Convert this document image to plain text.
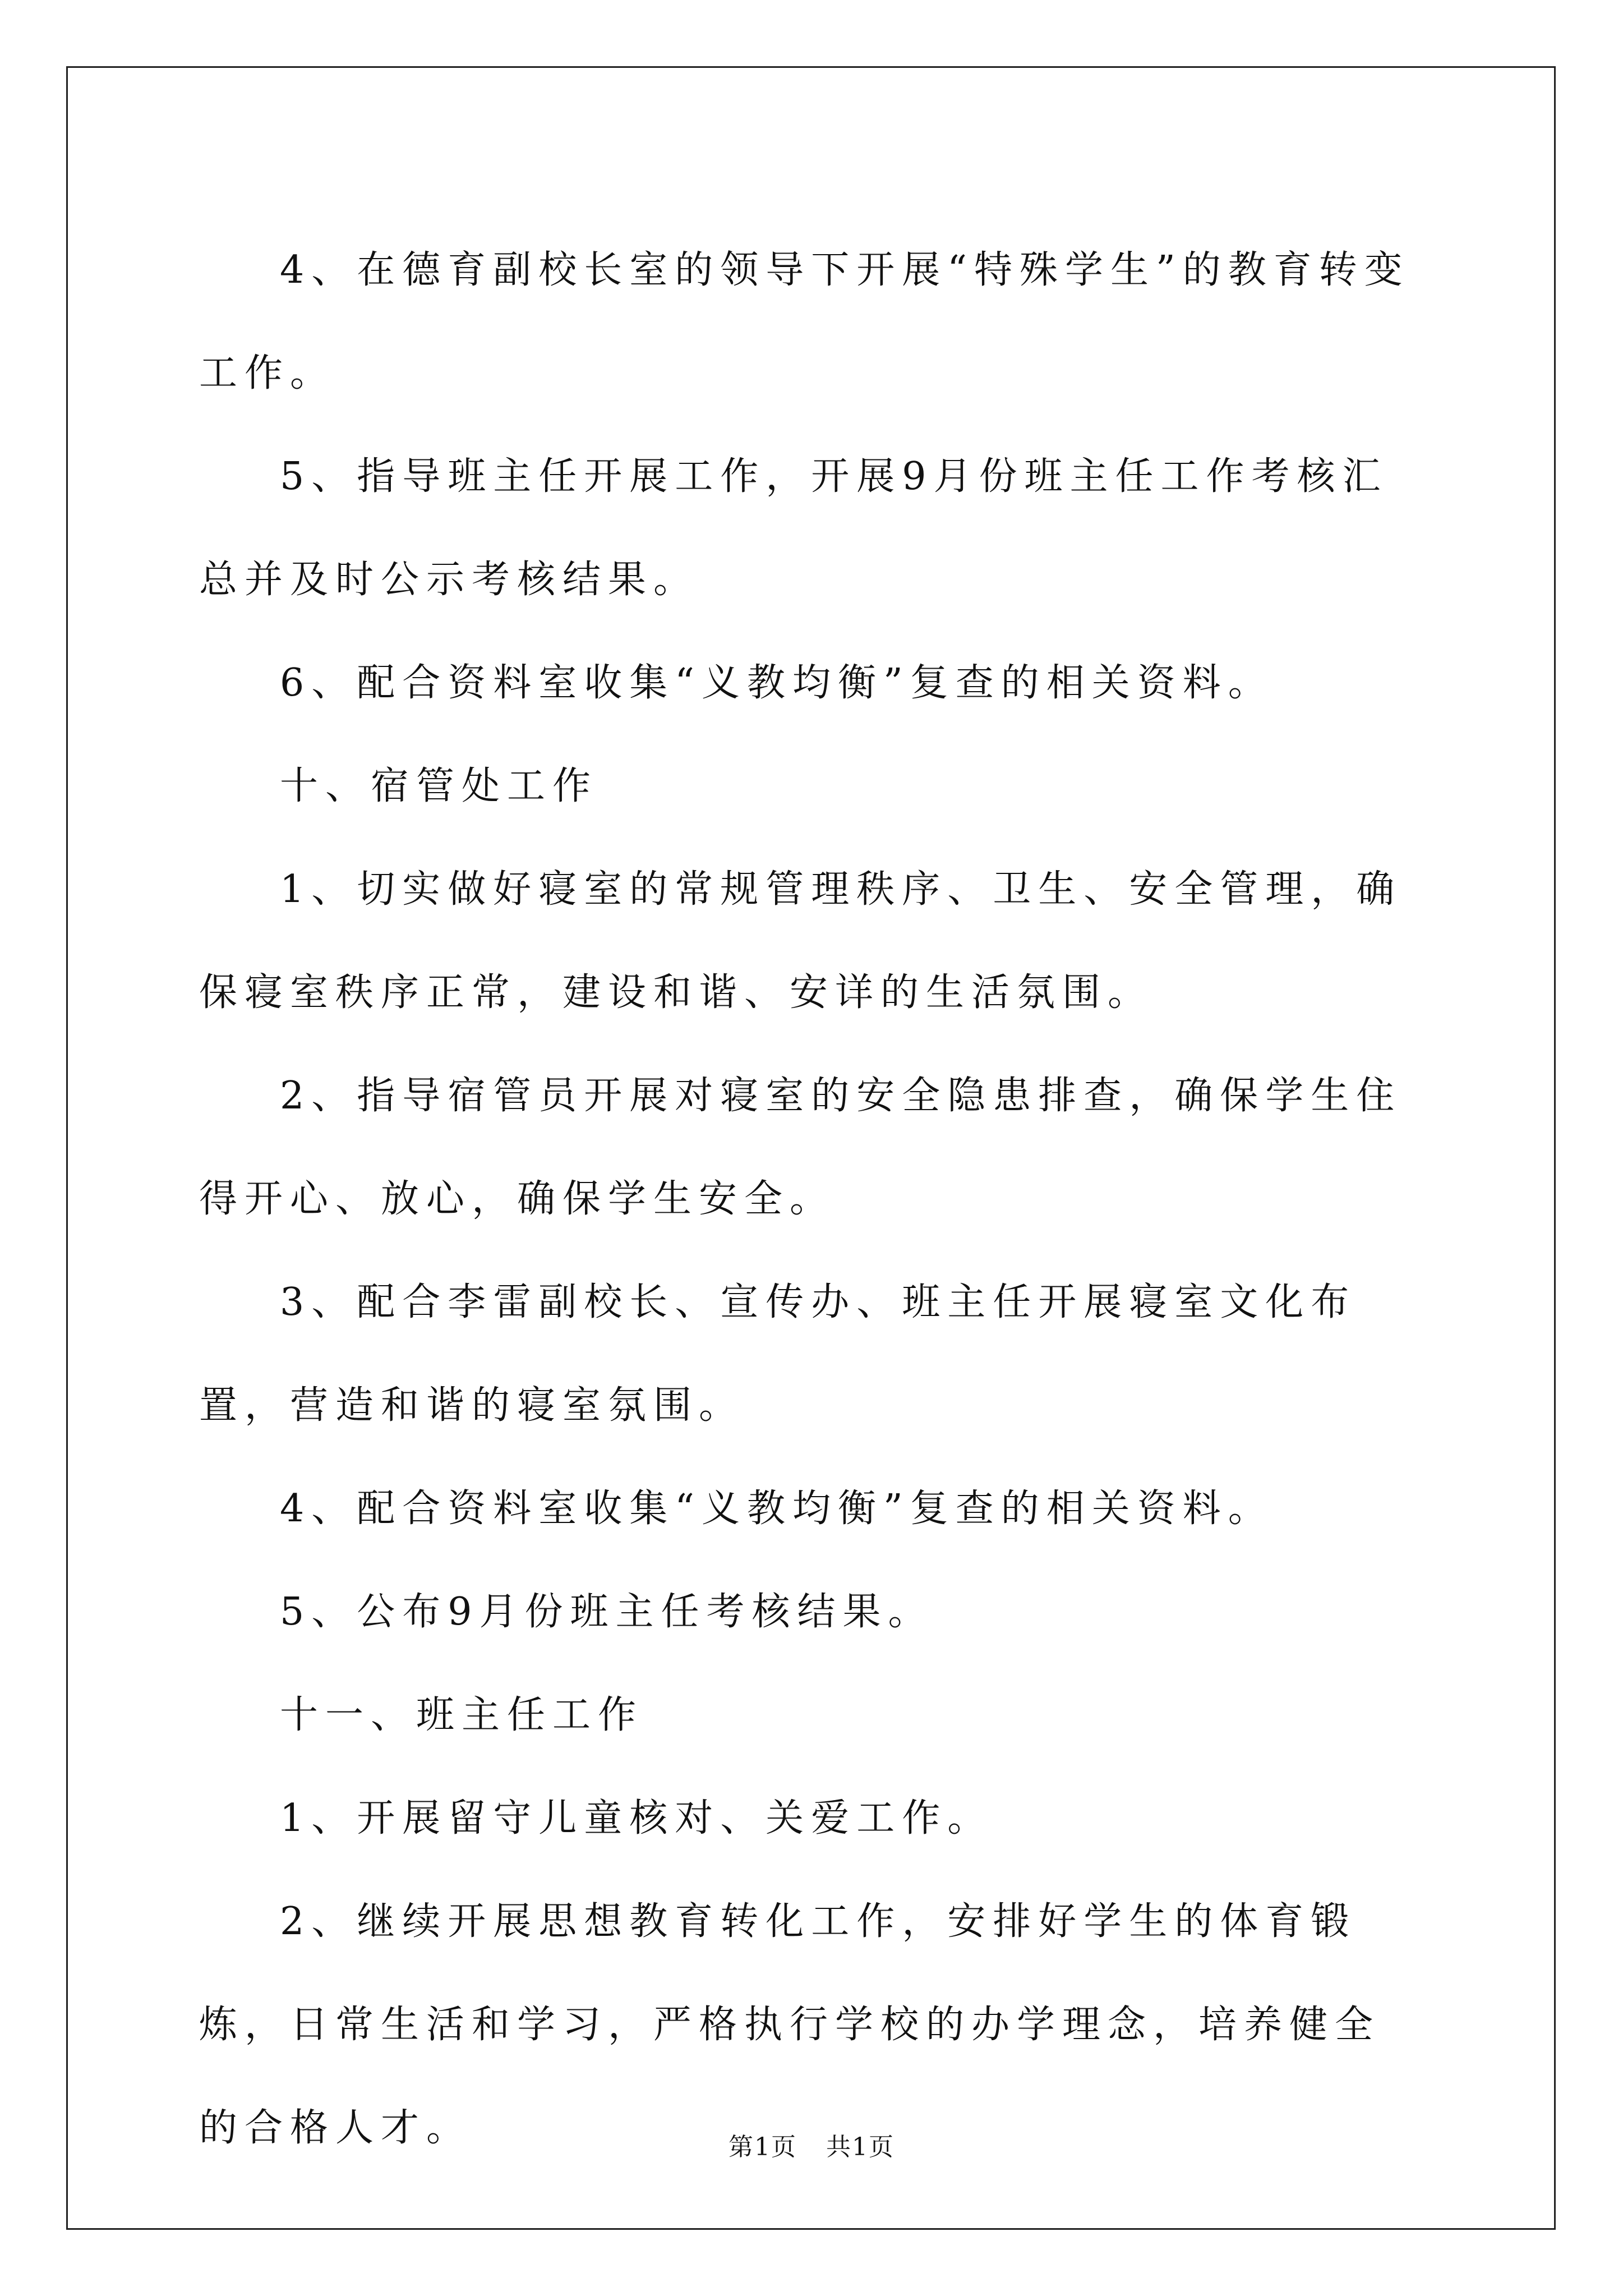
4、在德育副校长室的领导下开展“特殊学生”的教育转变工作。

5、指导班主任开展工作，开展9月份班主任工作考核汇总并及时公示考核结果。

6、配合资料室收集“义教均衡”复查的相关资料。

十、宿管处工作

1、切实做好寝室的常规管理秩序、卫生、安全管理，确保寝室秩序正常，建设和谐、安详的生活氛围。

2、指导宿管员开展对寝室的安全隐患排查，确保学生住得开心、放心，确保学生安全。

3、配合李雷副校长、宣传办、班主任开展寝室文化布置，营造和谐的寝室氛围。

4、配合资料室收集“义教均衡”复查的相关资料。

5、公布9月份班主任考核结果。

十一、班主任工作

1、开展留守儿童核对、关爱工作。

2、继续开展思想教育转化工作，安排好学生的体育锻炼，日常生活和学习，严格执行学校的办学理念，培养健全的合格人才。	第1页 共1页
